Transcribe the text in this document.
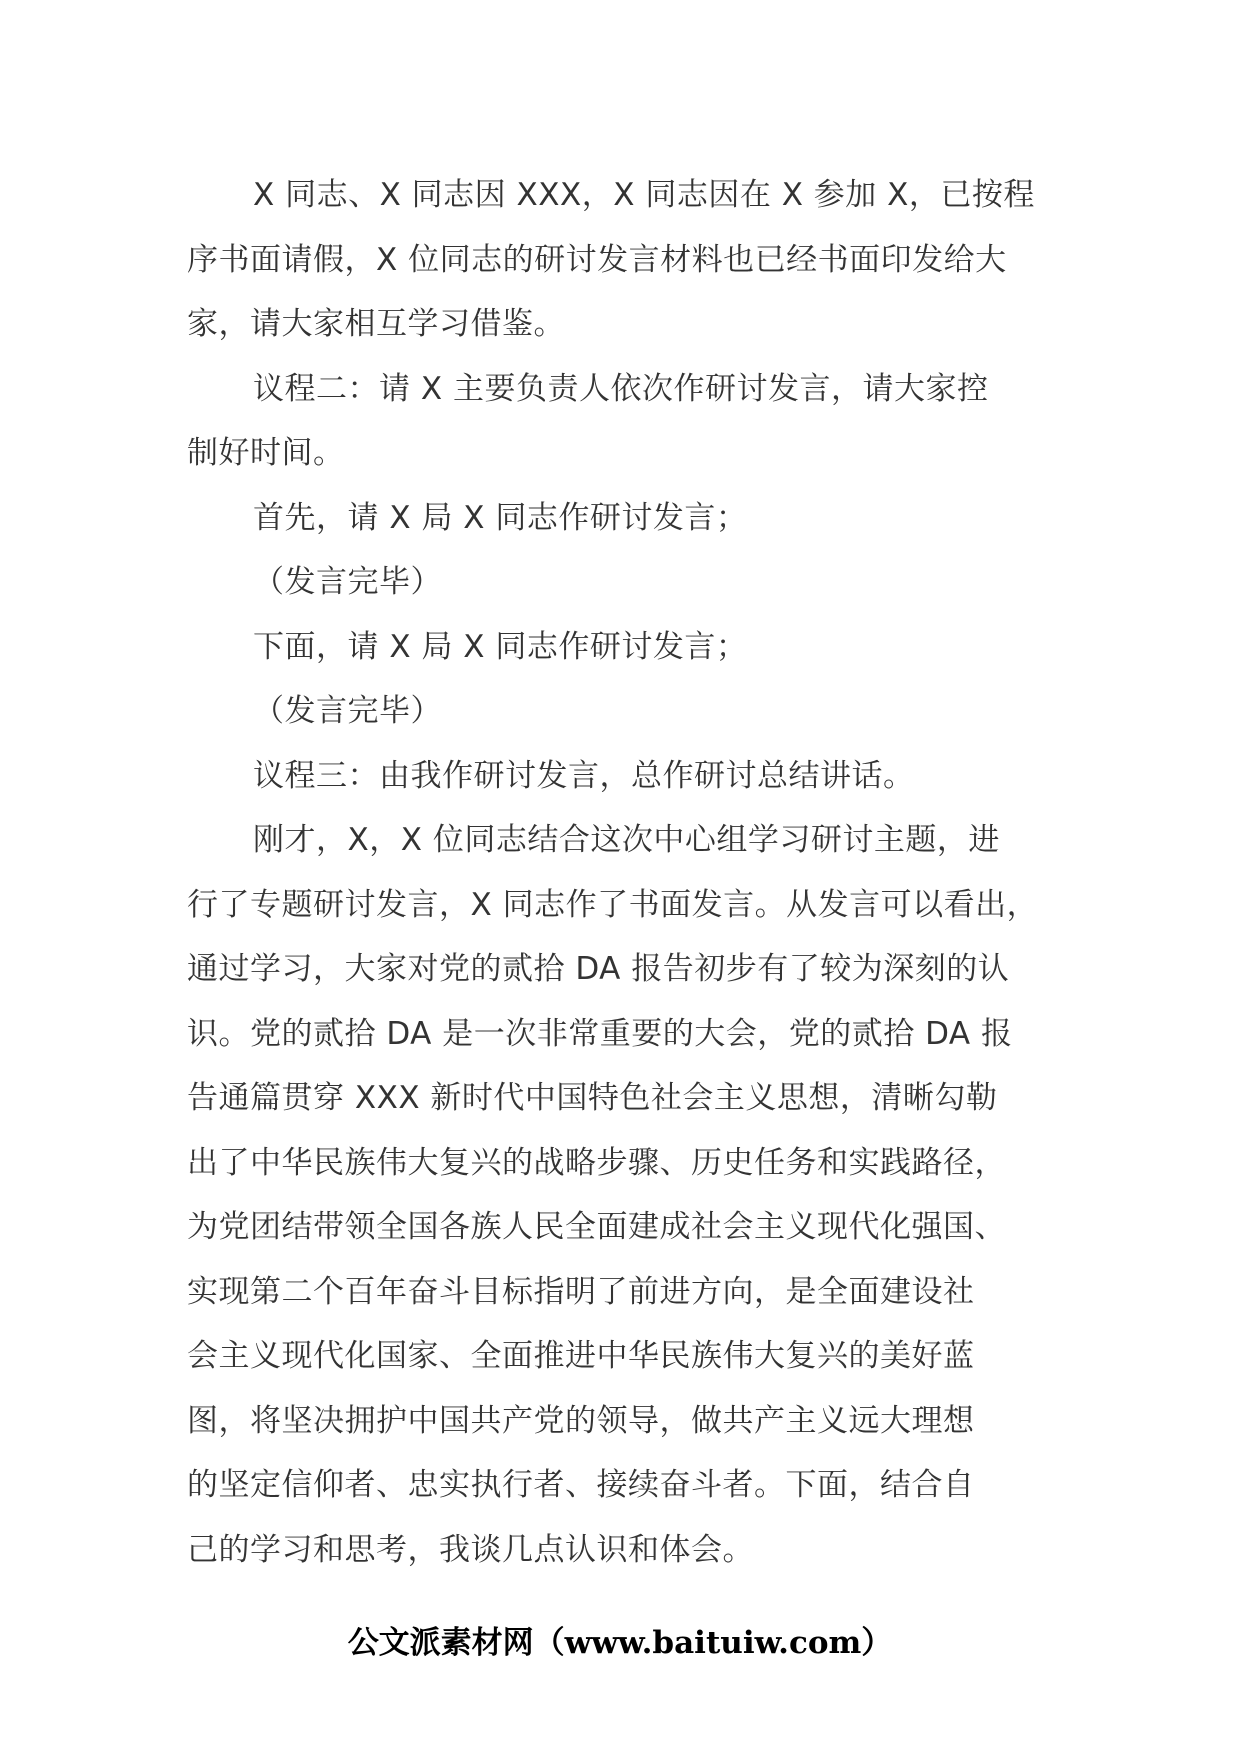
X 同志、X 同志因 XXX，X 同志因在 X 参加 X，已按程
序书面请假，X 位同志的研讨发言材料也已经书面印发给大
家，请大家相互学习借鉴。
议程二：请 X 主要负责人依次作研讨发言，请大家控
制好时间。
首先，请 X 局 X 同志作研讨发言；
（发言完毕）
下面，请 X 局 X 同志作研讨发言；
（发言完毕）
议程三：由我作研讨发言，总作研讨总结讲话。
刚才，X，X 位同志结合这次中心组学习研讨主题，进
行了专题研讨发言，X 同志作了书面发言。从发言可以看出，
通过学习，大家对党的贰拾 DA 报告初步有了较为深刻的认
识。党的贰拾 DA 是一次非常重要的大会，党的贰拾 DA 报
告通篇贯穿 XXX 新时代中国特色社会主义思想，清晰勾勒
出了中华民族伟大复兴的战略步骤、历史任务和实践路径，
为党团结带领全国各族人民全面建成社会主义现代化强国、
实现第二个百年奋斗目标指明了前进方向，是全面建设社
会主义现代化国家、全面推进中华民族伟大复兴的美好蓝
图，将坚决拥护中国共产党的领导，做共产主义远大理想
的坚定信仰者、忠实执行者、接续奋斗者。下面，结合自
己的学习和思考，我谈几点认识和体会。
公文派素材网（www.baituiw.com）
